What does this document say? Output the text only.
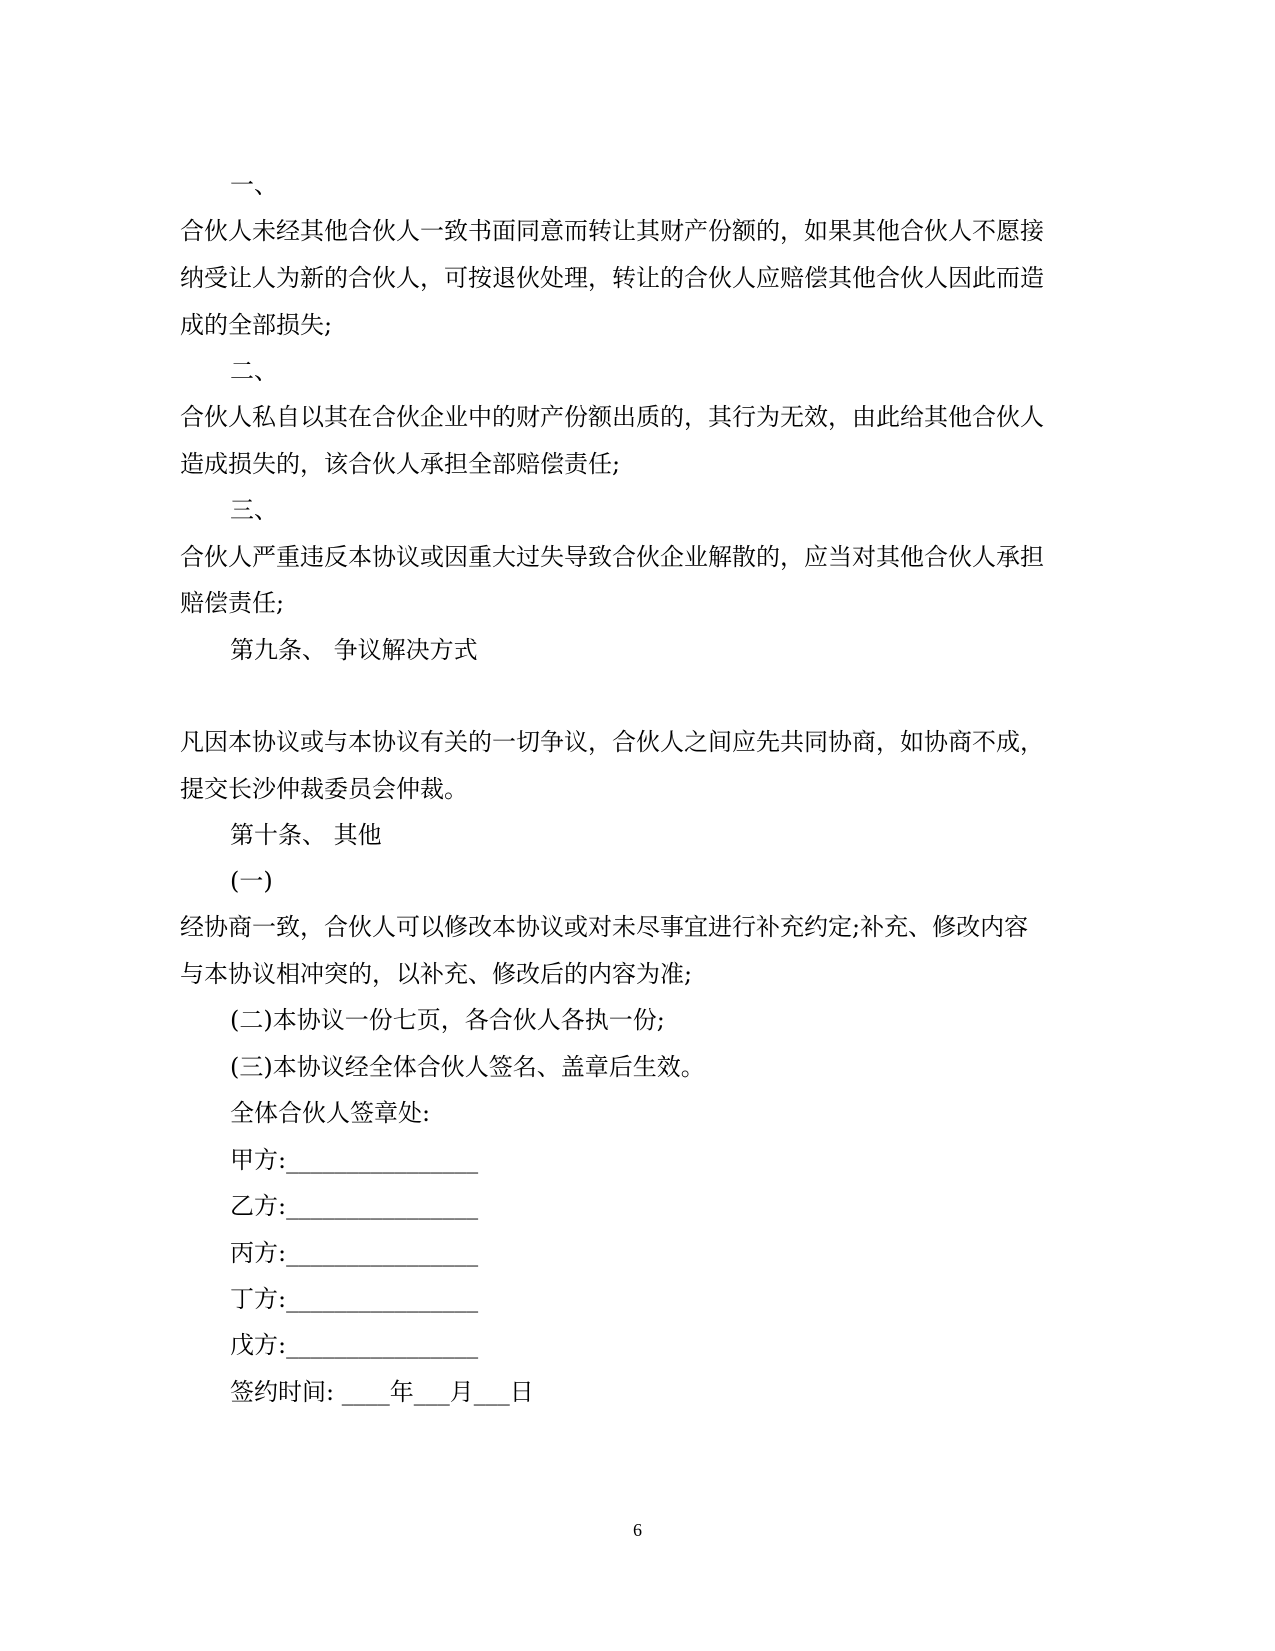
一、
合伙人未经其他合伙人一致书面同意而转让其财产份额的，如果其他合伙人不愿接
纳受让人为新的合伙人，可按退伙处理，转让的合伙人应赔偿其他合伙人因此而造
成的全部损失;
二、
合伙人私自以其在合伙企业中的财产份额出质的，其行为无效，由此给其他合伙人
造成损失的，该合伙人承担全部赔偿责任;
三、
合伙人严重违反本协议或因重大过失导致合伙企业解散的，应当对其他合伙人承担
赔偿责任;
第九条、 争议解决方式
凡因本协议或与本协议有关的一切争议，合伙人之间应先共同协商，如协商不成，
提交长沙仲裁委员会仲裁。
第十条、 其他
(一)
经协商一致，合伙人可以修改本协议或对未尽事宜进行补充约定;补充、修改内容
与本协议相冲突的，以补充、修改后的内容为准;
(二)本协议一份七页，各合伙人各执一份;
(三)本协议经全体合伙人签名、盖章后生效。
全体合伙人签章处:
甲方:________________
乙方:________________
丙方:________________
丁方:________________
戊方:________________
签约时间: ____年___月___日
6
